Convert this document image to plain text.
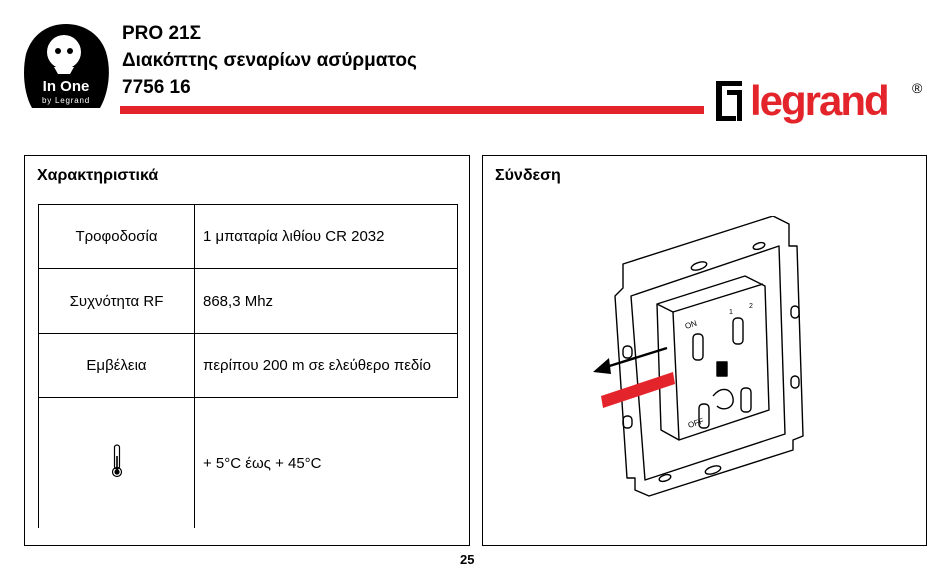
In One
by Legrand
PRO 21Σ
Διακόπτης σεναρίων ασύρματος
7756 16	legrand ®
Χαρακτηριστικά
Τροφοδοσία	1 μπαταρία λιθίου CR 2032
Συχνότητα RF	868,3 Mhz
Εμβέλεια	περίπου 200 m σε ελεύθερο πεδίο
	+ 5°C έως + 45°C
Σύνδεση
ON
OFF
1
2
25
